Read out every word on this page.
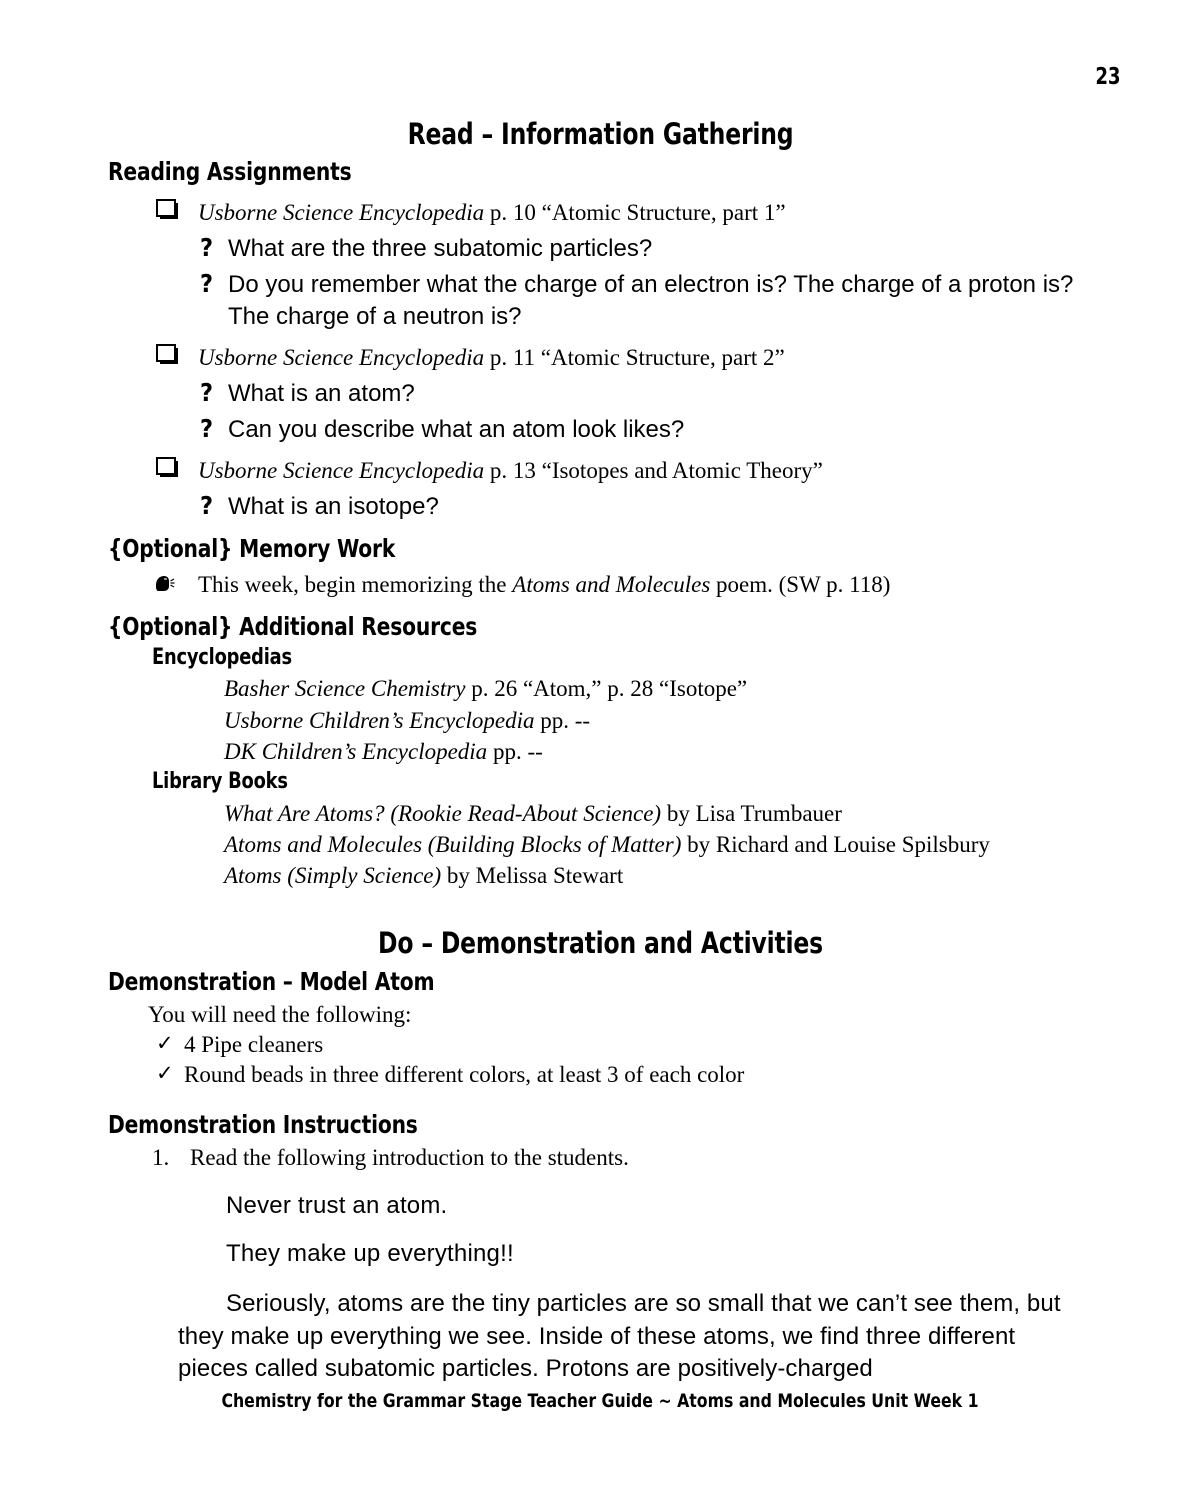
23
Read – Information Gathering
Reading Assignments
Usborne Science Encyclopedia p. 10 “Atomic Structure, part 1”
? What are the three subatomic particles?
? Do you remember what the charge of an electron is? The charge of a proton is? The charge of a neutron is?
Usborne Science Encyclopedia p. 11 “Atomic Structure, part 2”
? What is an atom?
? Can you describe what an atom look likes?
Usborne Science Encyclopedia p. 13 “Isotopes and Atomic Theory”
? What is an isotope?
{Optional} Memory Work
This week, begin memorizing the Atoms and Molecules poem. (SW p. 118)
{Optional} Additional Resources
Encyclopedias
Basher Science Chemistry p. 26 “Atom,” p. 28 “Isotope”
Usborne Children’s Encyclopedia pp. --
DK Children’s Encyclopedia pp. --
Library Books
What Are Atoms? (Rookie Read-About Science) by Lisa Trumbauer
Atoms and Molecules (Building Blocks of Matter) by Richard and Louise Spilsbury
Atoms (Simply Science) by Melissa Stewart
Do – Demonstration and Activities
Demonstration – Model Atom
You will need the following:
✓ 4 Pipe cleaners
✓ Round beads in three different colors, at least 3 of each color
Demonstration Instructions
1. Read the following introduction to the students.
Never trust an atom.
They make up everything!!
Seriously, atoms are the tiny particles are so small that we can’t see them, but they make up everything we see. Inside of these atoms, we find three different pieces called subatomic particles. Protons are positively-charged
Chemistry for the Grammar Stage Teacher Guide ~ Atoms and Molecules Unit Week 1
